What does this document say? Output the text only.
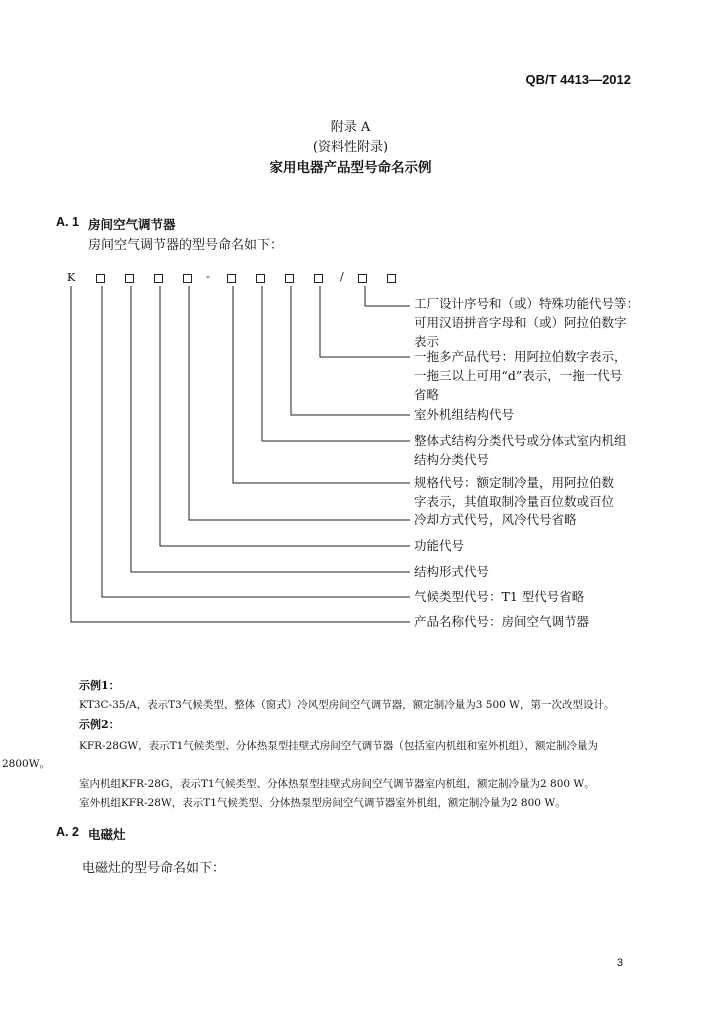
QB/T 4413—2012
附录 A
(资料性附录)
家用电器产品型号命名示例
A. 1 房间空气调节器
房间空气调节器的型号命名如下：
K	-	/
工厂设计序号和（或）特殊功能代号等：
可用汉语拼音字母和（或）阿拉伯数字
表示
一拖多产品代号：用阿拉伯数字表示，
一拖三以上可用“d”表示，一拖一代号
省略
室外机组结构代号
整体式结构分类代号或分体式室内机组
结构分类代号
规格代号：额定制冷量，用阿拉伯数
字表示，其值取制冷量百位数或百位
冷却方式代号，风冷代号省略
功能代号
结构形式代号
气候类型代号：T1 型代号省略
产品名称代号：房间空气调节器
示例1：
KT3C-35/A，表示T3气候类型、整体（窗式）冷风型房间空气调节器，额定制冷量为3 500 W，第一次改型设计。
示例2：
KFR-28GW，表示T1气候类型、分体热泵型挂壁式房间空气调节器（包括室内机组和室外机组），额定制冷量为
2800W。
室内机组KFR-28G，表示T1气候类型、分体热泵型挂壁式房间空气调节器室内机组，额定制冷量为2 800 W。
室外机组KFR-28W，表示T1气候类型、分体热泵型房间空气调节器室外机组，额定制冷量为2 800 W。
A. 2 电磁灶
电磁灶的型号命名如下：
3
